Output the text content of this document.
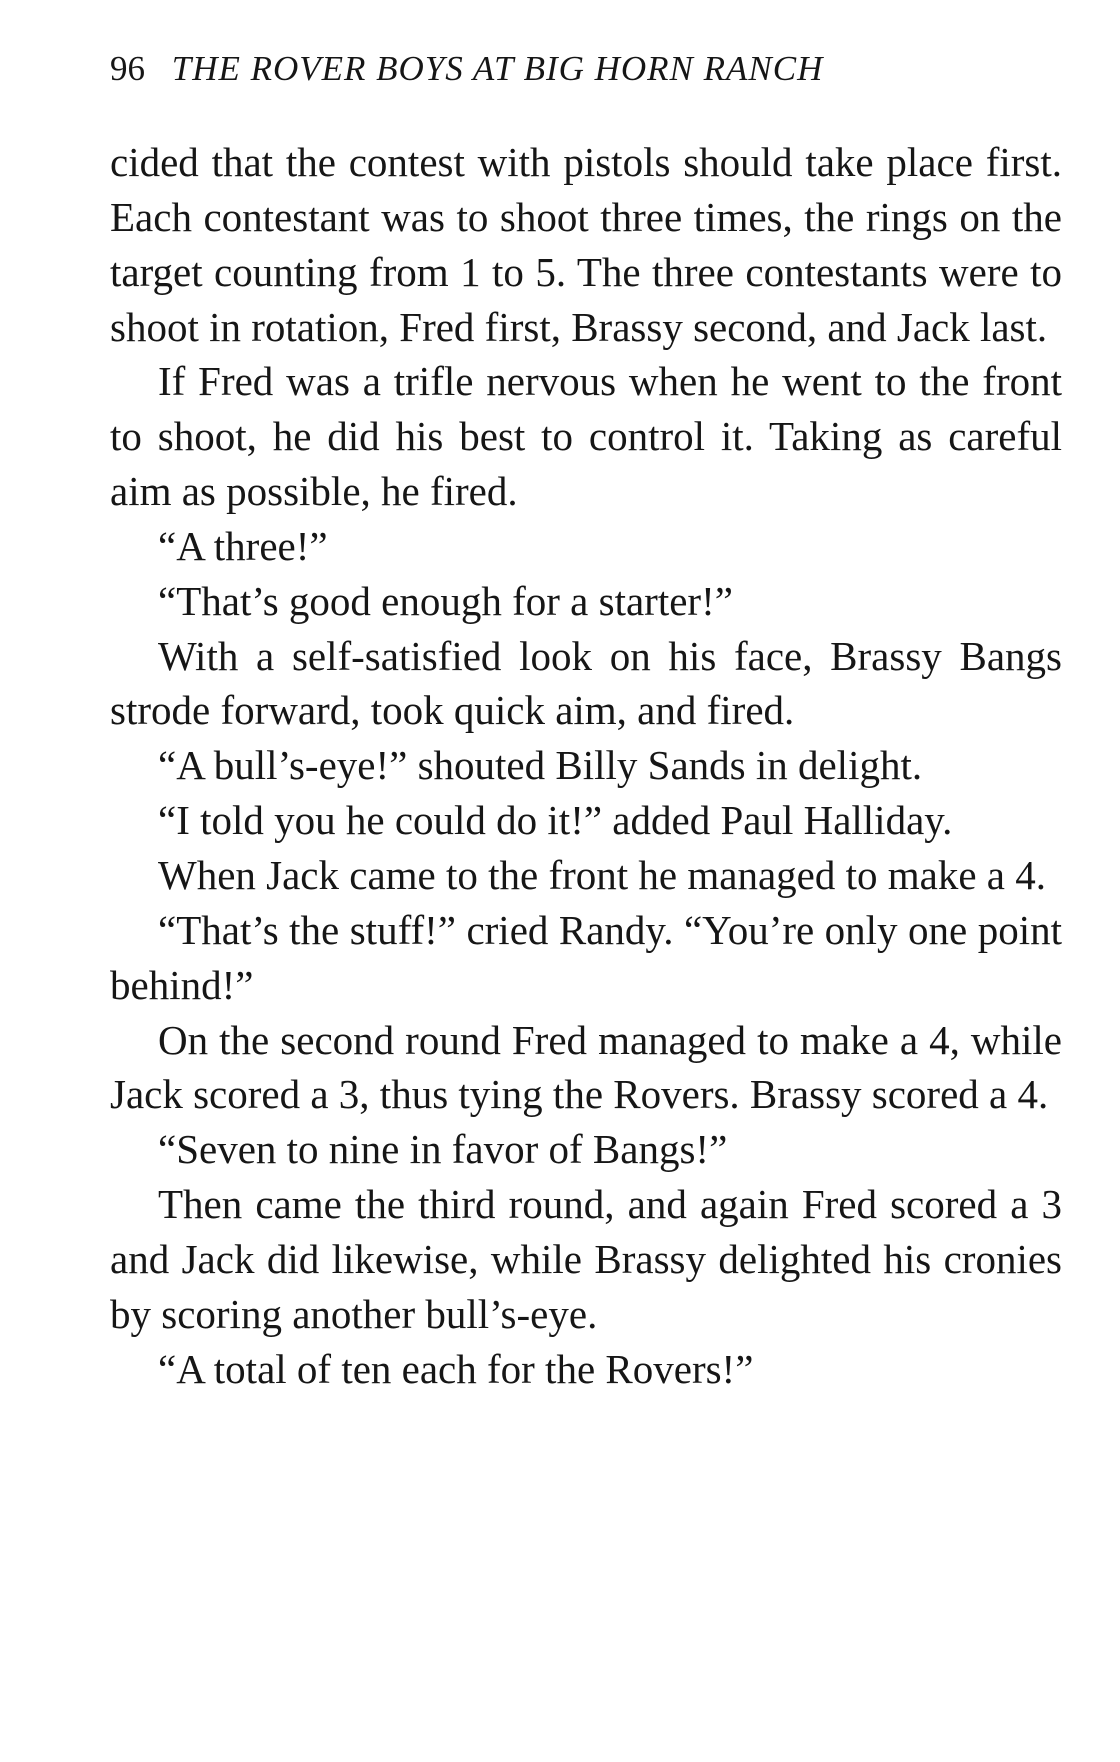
96 THE ROVER BOYS AT BIG HORN RANCH

cided that the contest with pistols should take place first. Each contestant was to shoot three times, the rings on the target counting from 1 to 5. The three contestants were to shoot in rotation, Fred first, Brassy second, and Jack last.

If Fred was a trifle nervous when he went to the front to shoot, he did his best to control it. Taking as careful aim as possible, he fired.

“A three!”

“That’s good enough for a starter!”

With a self-satisfied look on his face, Brassy Bangs strode forward, took quick aim, and fired.

“A bull’s-eye!” shouted Billy Sands in delight.

“I told you he could do it!” added Paul Halliday.

When Jack came to the front he managed to make a 4.

“That’s the stuff!” cried Randy. “You’re only one point behind!”

On the second round Fred managed to make a 4, while Jack scored a 3, thus tying the Rovers. Brassy scored a 4.

“Seven to nine in favor of Bangs!”

Then came the third round, and again Fred scored a 3 and Jack did likewise, while Brassy delighted his cronies by scoring another bull’s-eye.

“A total of ten each for the Rovers!”
